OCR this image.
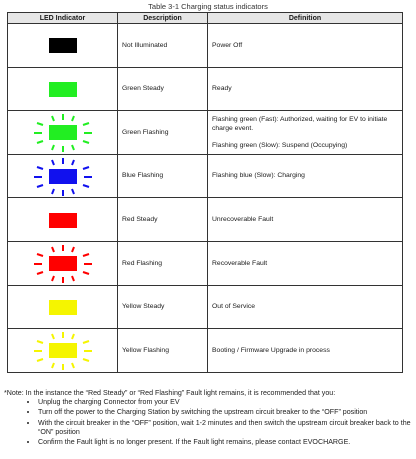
Table 3-1 Charging status indicators
LED Indicator	Description	Definition

	Not Illuminated	Power Off

	Green Steady	Ready

	Green Flashing	Flashing green (Fast): Authorized, waiting for EV to initiate charge event.
Flashing green (Slow): Suspend (Occupying)

	Blue Flashing	Flashing blue (Slow): Charging

	Red Steady	Unrecoverable Fault

	Red Flashing	Recoverable Fault

	Yellow Steady	Out of Service

	Yellow Flashing	Booting / Firmware Upgrade in process
*Note: In the instance the “Red Steady” or “Red Flashing” Fault light remains, it is recommended that you:
• Unplug the charging Connector from your EV
• Turn off the power to the Charging Station by switching the upstream circuit breaker to the “OFF” position
• With the circuit breaker in the “OFF” position, wait 1-2 minutes and then switch the upstream circuit breaker back to the “ON” position
• Confirm the Fault light is no longer present. If the Fault light remains, please contact EVOCHARGE.
